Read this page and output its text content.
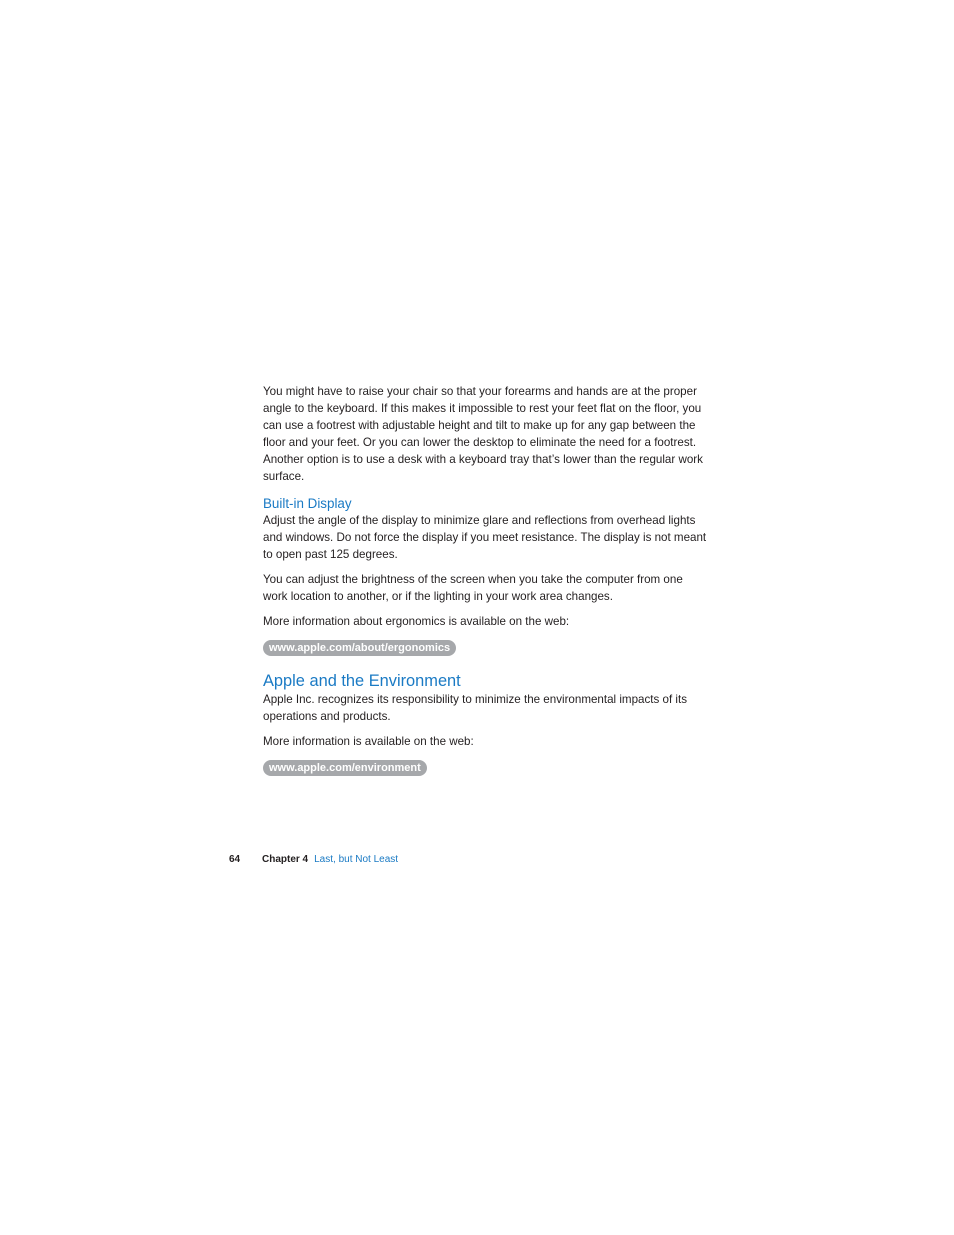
You might have to raise your chair so that your forearms and hands are at the proper angle to the keyboard. If this makes it impossible to rest your feet flat on the floor, you can use a footrest with adjustable height and tilt to make up for any gap between the floor and your feet. Or you can lower the desktop to eliminate the need for a footrest. Another option is to use a desk with a keyboard tray that’s lower than the regular work surface.

Built-in Display

Adjust the angle of the display to minimize glare and reflections from overhead lights and windows. Do not force the display if you meet resistance. The display is not meant to open past 125 degrees.

You can adjust the brightness of the screen when you take the computer from one work location to another, or if the lighting in your work area changes.

More information about ergonomics is available on the web:

www.apple.com/about/ergonomics
Apple and the Environment

Apple Inc. recognizes its responsibility to minimize the environmental impacts of its operations and products.

More information is available on the web:

www.apple.com/environment
64 Chapter 4 Last, but Not Least
